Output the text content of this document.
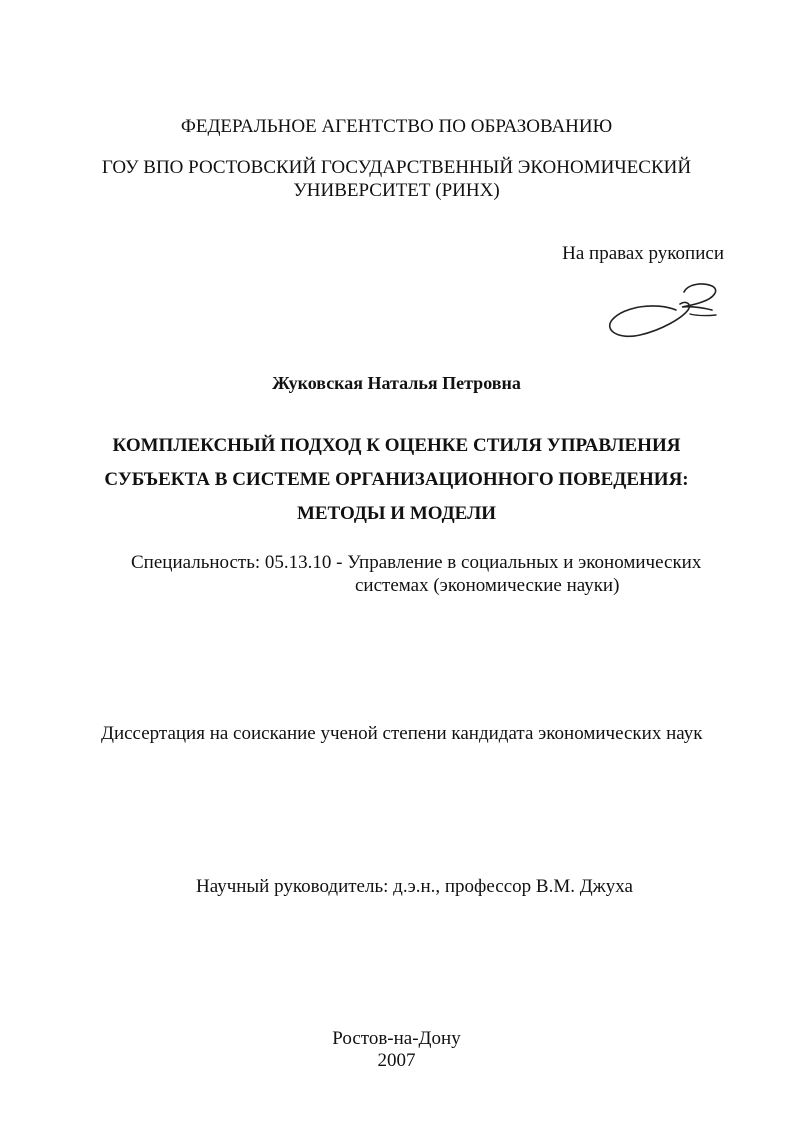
ФЕДЕРАЛЬНОЕ АГЕНТСТВО ПО ОБРАЗОВАНИЮ
ГОУ ВПО РОСТОВСКИЙ ГОСУДАРСТВЕННЫЙ ЭКОНОМИЧЕСКИЙ
УНИВЕРСИТЕТ (РИНХ)
На правах рукописи
Жуковская Наталья Петровна
КОМПЛЕКСНЫЙ ПОДХОД К ОЦЕНКЕ СТИЛЯ УПРАВЛЕНИЯ
СУБЪЕКТА В СИСТЕМЕ ОРГАНИЗАЦИОННОГО ПОВЕДЕНИЯ:
МЕТОДЫ И МОДЕЛИ
Специальность: 05.13.10 - Управление в социальных и экономических
системах (экономические науки)
Диссертация на соискание ученой степени кандидата экономических наук
Научный руководитель: д.э.н., профессор В.М. Джуха
Ростов-на-Дону
2007
